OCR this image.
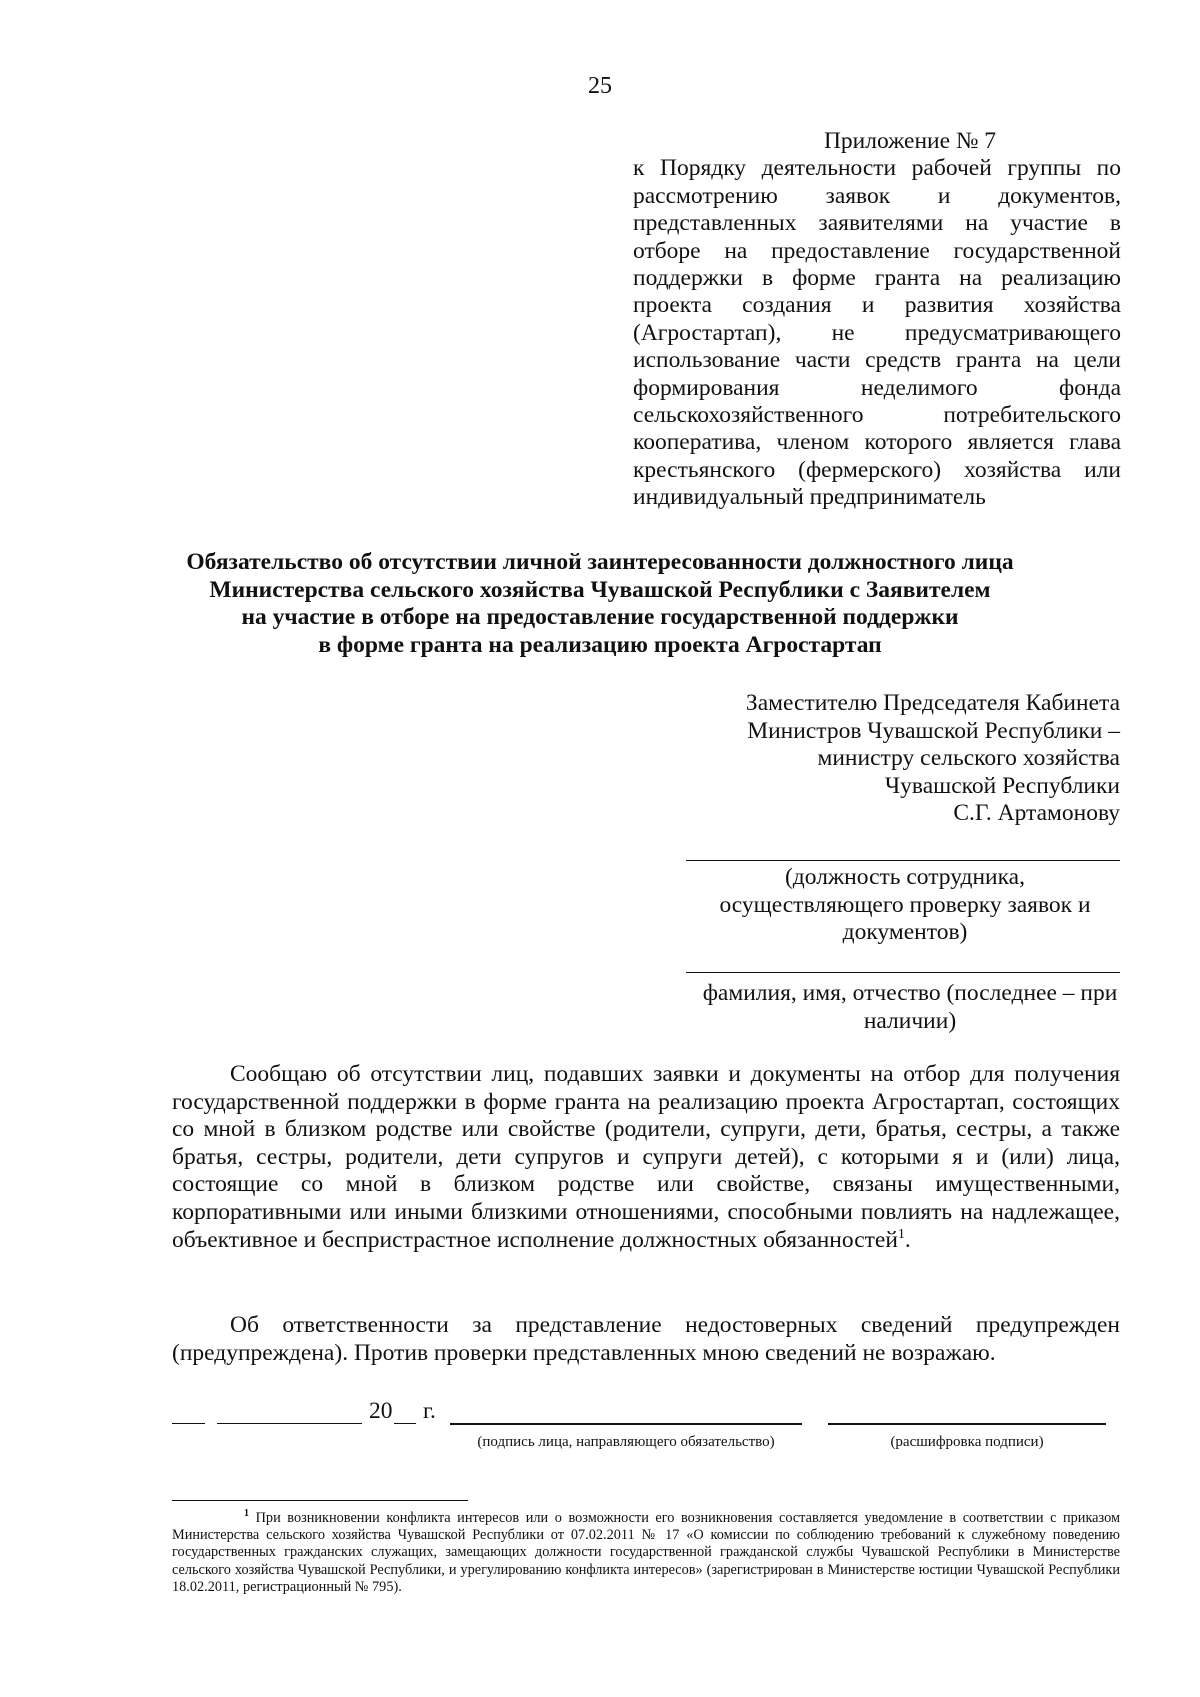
25
Приложение № 7
к Порядку деятельности рабочей группы по рассмотрению заявок и документов, представленных заявителями на участие в отборе на предоставление государственной поддержки в форме гранта на реализацию проекта создания и развития хозяйства (Агростартап), не предусматривающего использование части средств гранта на цели формирования неделимого фонда сельскохозяйственного потребительского кооператива, членом которого является глава крестьянского (фермерского) хозяйства или индивидуальный предприниматель
Обязательство об отсутствии личной заинтересованности должностного лица
Министерства сельского хозяйства Чувашской Республики с Заявителем
на участие в отборе на предоставление государственной поддержки
в форме гранта на реализацию проекта Агростартап
Заместителю Председателя Кабинета
Министров Чувашской Республики –
министру сельского хозяйства
Чувашской Республики
С.Г. Артамонову
(должность сотрудника, осуществляющего проверку заявок и документов)
фамилия, имя, отчество (последнее – при наличии)
Сообщаю об отсутствии лиц, подавших заявки и документы на отбор для получения государственной поддержки в форме гранта на реализацию проекта Агростартап, состоящих со мной в близком родстве или свойстве (родители, супруги, дети, братья, сестры, а также братья, сестры, родители, дети супругов и супруги детей), с которыми я и (или) лица, состоящие со мной в близком родстве или свойстве, связаны имущественными, корпоративными или иными близкими отношениями, способными повлиять на надлежащее, объективное и беспристрастное исполнение должностных обязанностей$^1$.
Об ответственности за представление недостоверных сведений предупрежден (предупреждена). Против проверки представленных мною сведений не возражаю.
20 г.
(подпись лица, направляющего обязательство)	(расшифровка подписи)
$^1$ При возникновении конфликта интересов или о возможности его возникновения составляется уведомление в соответствии с приказом Министерства сельского хозяйства Чувашской Республики от 07.02.2011 № 17 «О комиссии по соблюдению требований к служебному поведению государственных гражданских служащих, замещающих должности государственной гражданской службы Чувашской Республики в Министерстве сельского хозяйства Чувашской Республики, и урегулированию конфликта интересов» (зарегистрирован в Министерстве юстиции Чувашской Республики 18.02.2011, регистрационный № 795).
